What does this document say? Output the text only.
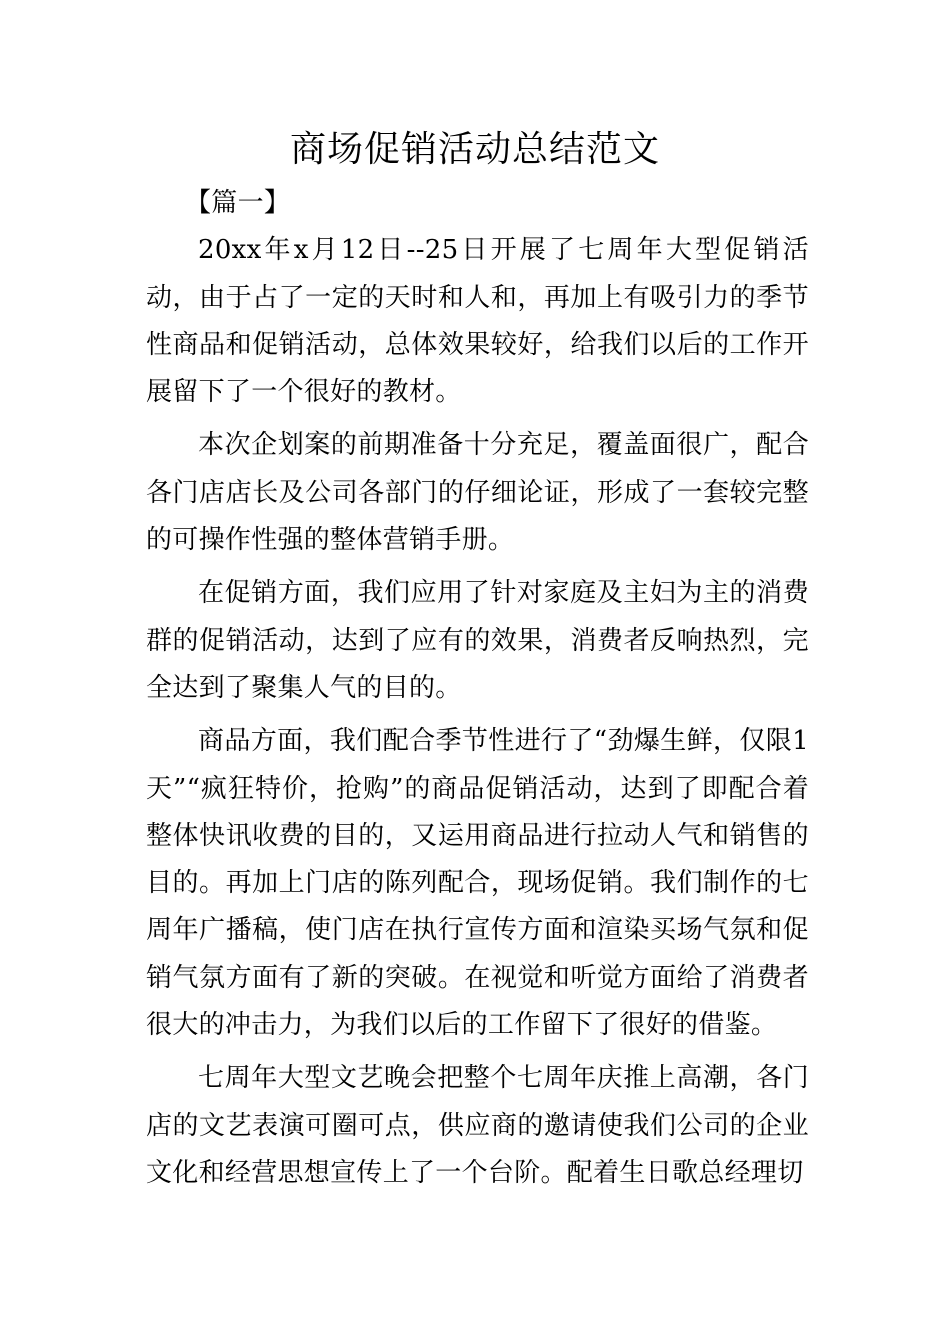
商场促销活动总结范文

【篇一】

20xx年x月12日--25日开展了七周年大型促销活动，由于占了一定的天时和人和，再加上有吸引力的季节性商品和促销活动，总体效果较好，给我们以后的工作开展留下了一个很好的教材。

本次企划案的前期准备十分充足，覆盖面很广，配合各门店店长及公司各部门的仔细论证，形成了一套较完整的可操作性强的整体营销手册。

在促销方面，我们应用了针对家庭及主妇为主的消费群的促销活动，达到了应有的效果，消费者反响热烈，完全达到了聚集人气的目的。

商品方面，我们配合季节性进行了“劲爆生鲜，仅限1天”“疯狂特价，抢购”的商品促销活动，达到了即配合着整体快讯收费的目的，又运用商品进行拉动人气和销售的目的。再加上门店的陈列配合，现场促销。我们制作的七周年广播稿，使门店在执行宣传方面和渲染买场气氛和促销气氛方面有了新的突破。在视觉和听觉方面给了消费者很大的冲击力，为我们以后的工作留下了很好的借鉴。

七周年大型文艺晚会把整个七周年庆推上高潮，各门店的文艺表演可圈可点，供应商的邀请使我们公司的企业文化和经营思想宣传上了一个台阶。配着生日歌总经理切
